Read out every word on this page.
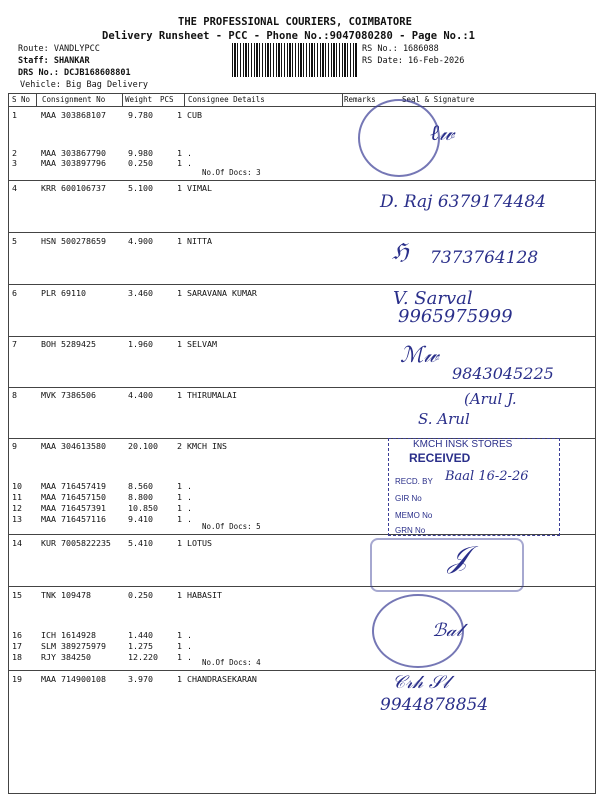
THE PROFESSIONAL COURIERS, COIMBATORE
Delivery Runsheet - PCC - Phone No.:9047080280 - Page No.:1
Route: VANDLYPCC
Staff: SHANKAR
DRS No.: DCJB168608801
Vehicle: Big Bag Delivery
RS No.: 1686088
RS Date: 16-Feb-2026
S No Consignment No	Weight PCS Consignee Details	Remarks	Seal & Signature
1	MAA 303868107	9.780	1 CUB
2	MAA 303867790	9.980	1 .
3	MAA 303897796	0.250	1 .
4	KRR 600106737	5.100	1 VIMAL
5	HSN 500278659	4.900	1 NITTA
6	PLR 69110	3.460	1 SARAVANA KUMAR
7	BOH 5289425	1.960	1 SELVAM
8	MVK 7386506	4.400	1 THIRUMALAI
9	MAA 304613580	20.100	2 KMCH INS
10 MAA 716457419	8.560	1 .
11 MAA 716457150	8.800	1 .
12 MAA 716457391	10.850	1 .
13 MAA 716457116	9.410	1 .
14 KUR 7005822235 5.410	1 LOTUS
15 TNK 109478	0.250	1 HABASIT
16 ICH 1614928	1.440	1 .
17 SLM 389275979	1.275	1 .
18 RJY 384250	12.220	1 .
19 MAA 714900108	3.970	1 CHANDRASEKARAN
No.Of Docs: 3
No.Of Docs: 5
No.Of Docs: 4
ℓ𝓌
D. Raj 6379174484
ℌ 7373764128
V. Sarval
9965975999
ℳ𝓌
9843045225
(Arul J.
S. Arul
KMCH INSK STORES
RECEIVED
RECD. BY Baal 16-2-26
GIR No
MEMO No
GRN No
𝒥
ℬ𝒶𝓁
𝒞𝓇𝒽 𝒮𝓁
9944878854
